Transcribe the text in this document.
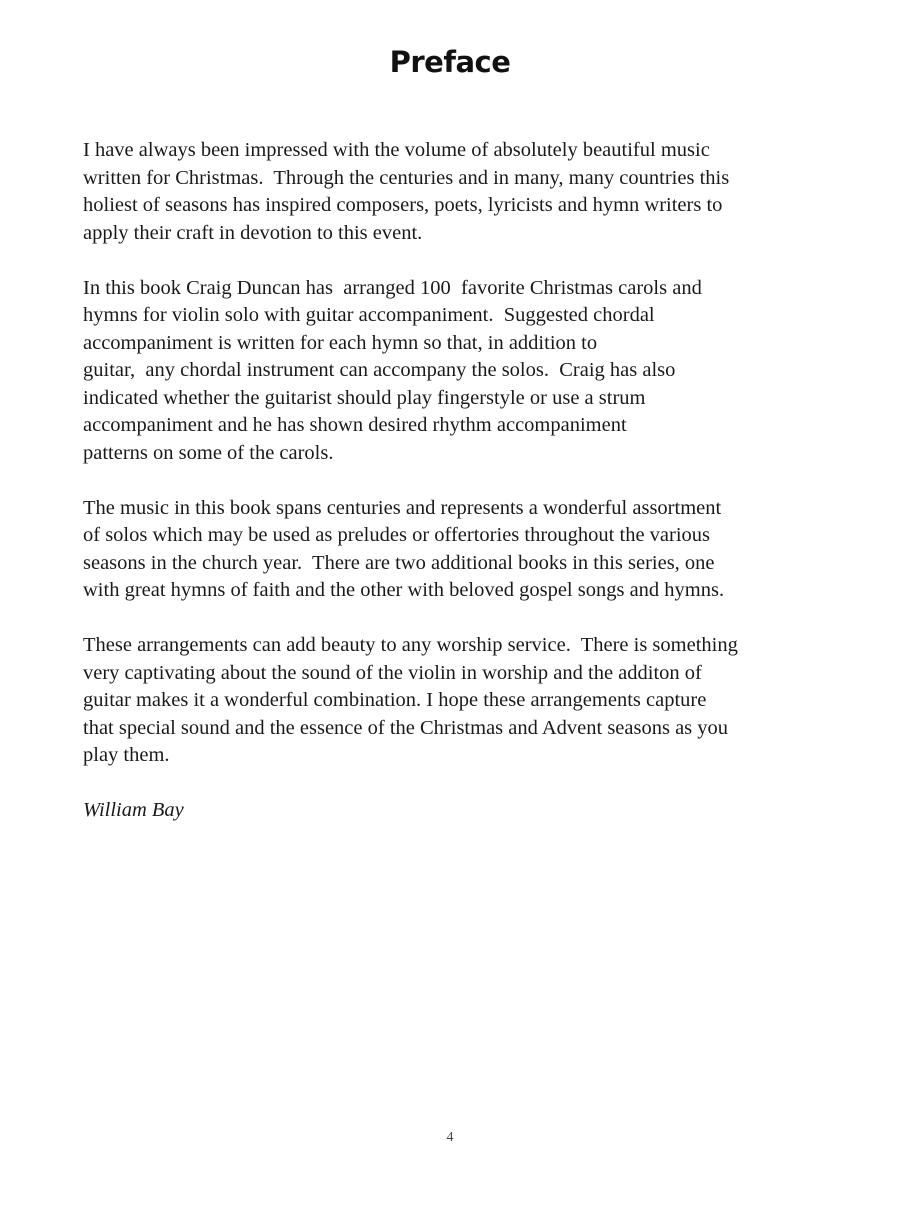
Preface

I have always been impressed with the volume of absolutely beautiful music
written for Christmas.  Through the centuries and in many, many countries this
holiest of seasons has inspired composers, poets, lyricists and hymn writers to
apply their craft in devotion to this event.

In this book Craig Duncan has  arranged 100  favorite Christmas carols and
hymns for violin solo with guitar accompaniment.  Suggested chordal
accompaniment is written for each hymn so that, in addition to
guitar,  any chordal instrument can accompany the solos.  Craig has also
indicated whether the guitarist should play fingerstyle or use a strum
accompaniment and he has shown desired rhythm accompaniment
patterns on some of the carols.

The music in this book spans centuries and represents a wonderful assortment
of solos which may be used as preludes or offertories throughout the various
seasons in the church year.  There are two additional books in this series, one
with great hymns of faith and the other with beloved gospel songs and hymns.

These arrangements can add beauty to any worship service.  There is something
very captivating about the sound of the violin in worship and the additon of
guitar makes it a wonderful combination. I hope these arrangements capture
that special sound and the essence of the Christmas and Advent seasons as you
play them.

William Bay

4
